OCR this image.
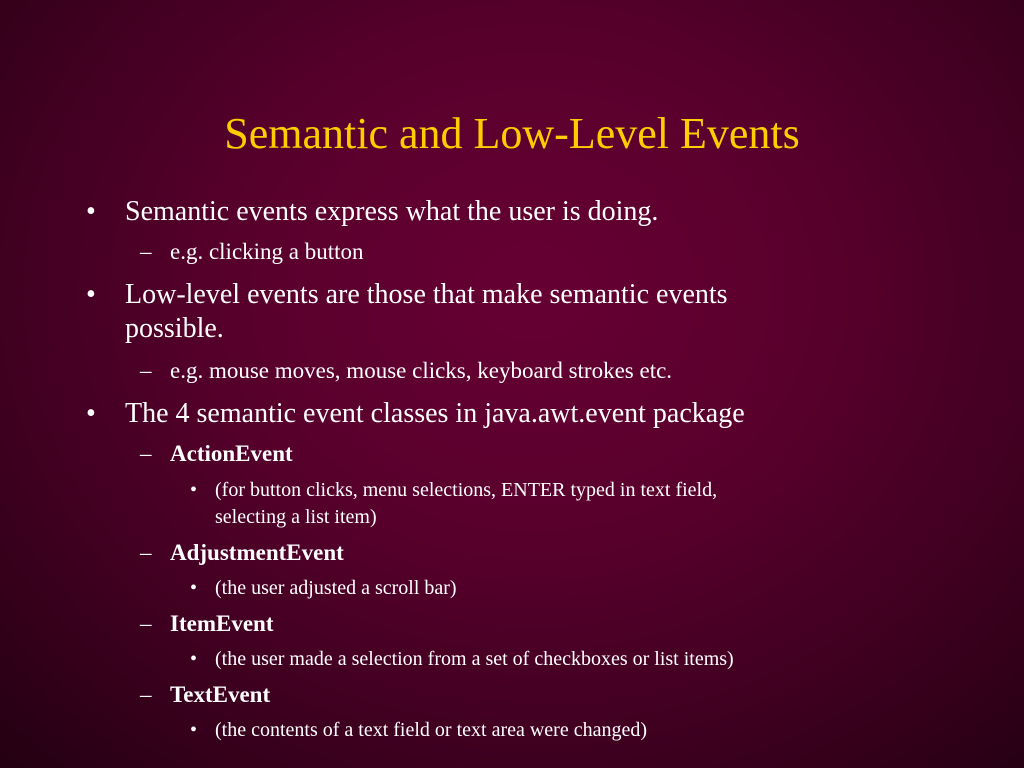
Semantic and Low-Level Events
• Semantic events express what the user is doing.
– e.g. clicking a button
• Low-level events are those that make semantic events
possible.
– e.g. mouse moves, mouse clicks, keyboard strokes etc.
• The 4 semantic event classes in java.awt.event package
– ActionEvent
• (for button clicks, menu selections, ENTER typed in text field,
selecting a list item)
– AdjustmentEvent
• (the user adjusted a scroll bar)
– ItemEvent
• (the user made a selection from a set of checkboxes or list items)
– TextEvent
• (the contents of a text field or text area were changed)
